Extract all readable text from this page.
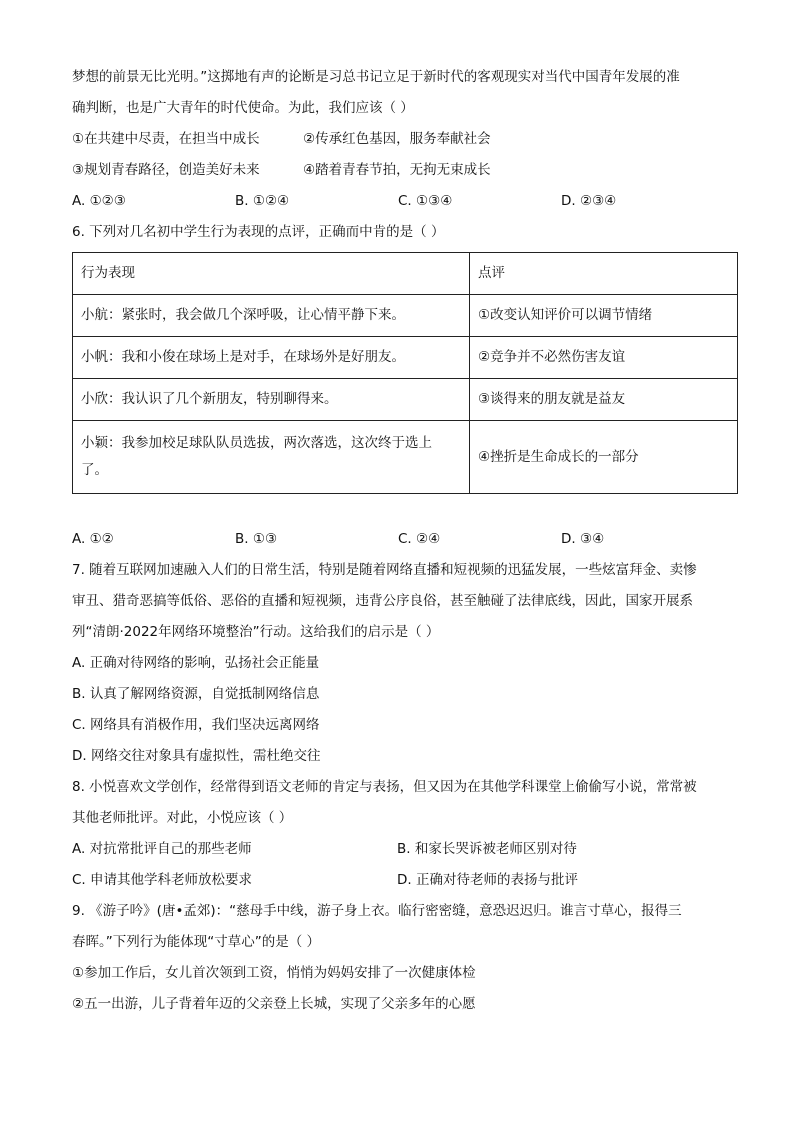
梦想的前景无比光明。”这掷地有声的论断是习总书记立足于新时代的客观现实对当代中国青年发展的准
确判断，也是广大青年的时代使命。为此，我们应该（ ）
①在共建中尽责，在担当中成长	②传承红色基因，服务奉献社会
③规划青春路径，创造美好未来	④踏着青春节拍，无拘无束成长
A. ①②③	B. ①②④	C. ①③④	D. ②③④
6. 下列对几名初中学生行为表现的点评，正确而中肯的是（ ）
行为表现	点评
小航：紧张时，我会做几个深呼吸，让心情平静下来。	①改变认知评价可以调节情绪
小帆：我和小俊在球场上是对手，在球场外是好朋友。	②竞争并不必然伤害友谊
小欣：我认识了几个新朋友，特别聊得来。	③谈得来的朋友就是益友

小颖：我参加校足球队队员选拔，两次落选，这次终于选上
了。	④挫折是生命成长的一部分
A. ①②	B. ①③	C. ②④	D. ③④
7. 随着互联网加速融入人们的日常生活，特别是随着网络直播和短视频的迅猛发展，一些炫富拜金、卖惨
审丑、猎奇恶搞等低俗、恶俗的直播和短视频，违背公序良俗，甚至触碰了法律底线，因此，国家开展系
列“清朗·2022年网络环境整治”行动。这给我们的启示是（ ）
A. 正确对待网络的影响，弘扬社会正能量
B. 认真了解网络资源，自觉抵制网络信息
C. 网络具有消极作用，我们坚决远离网络
D. 网络交往对象具有虚拟性，需杜绝交往
8. 小悦喜欢文学创作，经常得到语文老师的肯定与表扬，但又因为在其他学科课堂上偷偷写小说，常常被
其他老师批评。对此，小悦应该（ ）
A. 对抗常批评自己的那些老师	B. 和家长哭诉被老师区别对待
C. 申请其他学科老师放松要求	D. 正确对待老师的表扬与批评
9. 《游子吟》(唐•孟郊)：“慈母手中线，游子身上衣。临行密密缝，意恐迟迟归。谁言寸草心，报得三
春晖。”下列行为能体现“寸草心”的是（ ）
①参加工作后，女儿首次领到工资，悄悄为妈妈安排了一次健康体检
②五一出游，儿子背着年迈的父亲登上长城，实现了父亲多年的心愿
